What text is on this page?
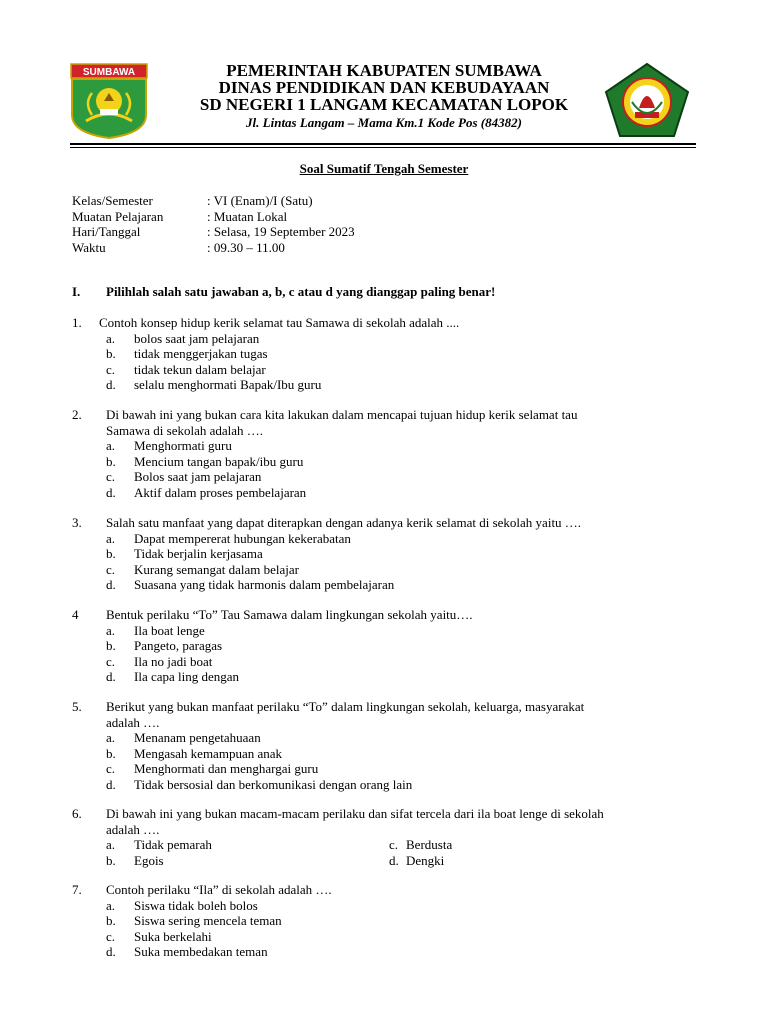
SUMBAWA	PEMERINTAH KABUPATEN SUMBAWA
DINAS PENDIDIKAN DAN KEBUDAYAAN
SD NEGERI 1 LANGAM KECAMATAN LOPOK
Jl. Lintas Langam – Mama Km.1 Kode Pos (84382)
Soal Sumatif Tengah Semester
Kelas/Semester	: VI (Enam)/I (Satu)
Muatan Pelajaran	: Muatan Lokal
Hari/Tanggal	: Selasa, 19 September 2023
Waktu	: 09.30 – 11.00
I.	Pilihlah salah satu jawaban a, b, c atau d yang dianggap paling benar!
1.	Contoh konsep hidup kerik selamat tau Samawa di sekolah adalah ....
a.	bolos saat jam pelajaran
b.	tidak menggerjakan tugas
c.	tidak tekun dalam belajar
d.	selalu menghormati Bapak/Ibu guru
2.	Di bawah ini yang bukan cara kita lakukan dalam mencapai tujuan hidup kerik selamat tau
Samawa di sekolah adalah ….
a.	Menghormati guru
b.	Mencium tangan bapak/ibu guru
c.	Bolos saat jam pelajaran
d.	Aktif dalam proses pembelajaran
3.	Salah satu manfaat yang dapat diterapkan dengan adanya kerik selamat di sekolah yaitu ….
a.	Dapat mempererat hubungan kekerabatan
b.	Tidak berjalin kerjasama
c.	Kurang semangat dalam belajar
d.	Suasana yang tidak harmonis dalam pembelajaran
4	Bentuk perilaku “To” Tau Samawa dalam lingkungan sekolah yaitu….
a.	Ila boat lenge
b.	Pangeto, paragas
c.	Ila no jadi boat
d.	Ila capa ling dengan
5.	Berikut yang bukan manfaat perilaku “To” dalam lingkungan sekolah, keluarga, masyarakat
adalah ….
a.	Menanam pengetahuaan
b.	Mengasah kemampuan anak
c.	Menghormati dan menghargai guru
d.	Tidak bersosial dan berkomunikasi dengan orang lain
6.	Di bawah ini yang bukan macam-macam perilaku dan sifat tercela dari ila boat lenge di sekolah
adalah ….
a.	Tidak pemarah
b.	Egois
c. Berdusta
d. Dengki
7.	Contoh perilaku “Ila” di sekolah adalah ….
a.	Siswa tidak boleh bolos
b.	Siswa sering mencela teman
c.	Suka berkelahi
d.	Suka membedakan teman
